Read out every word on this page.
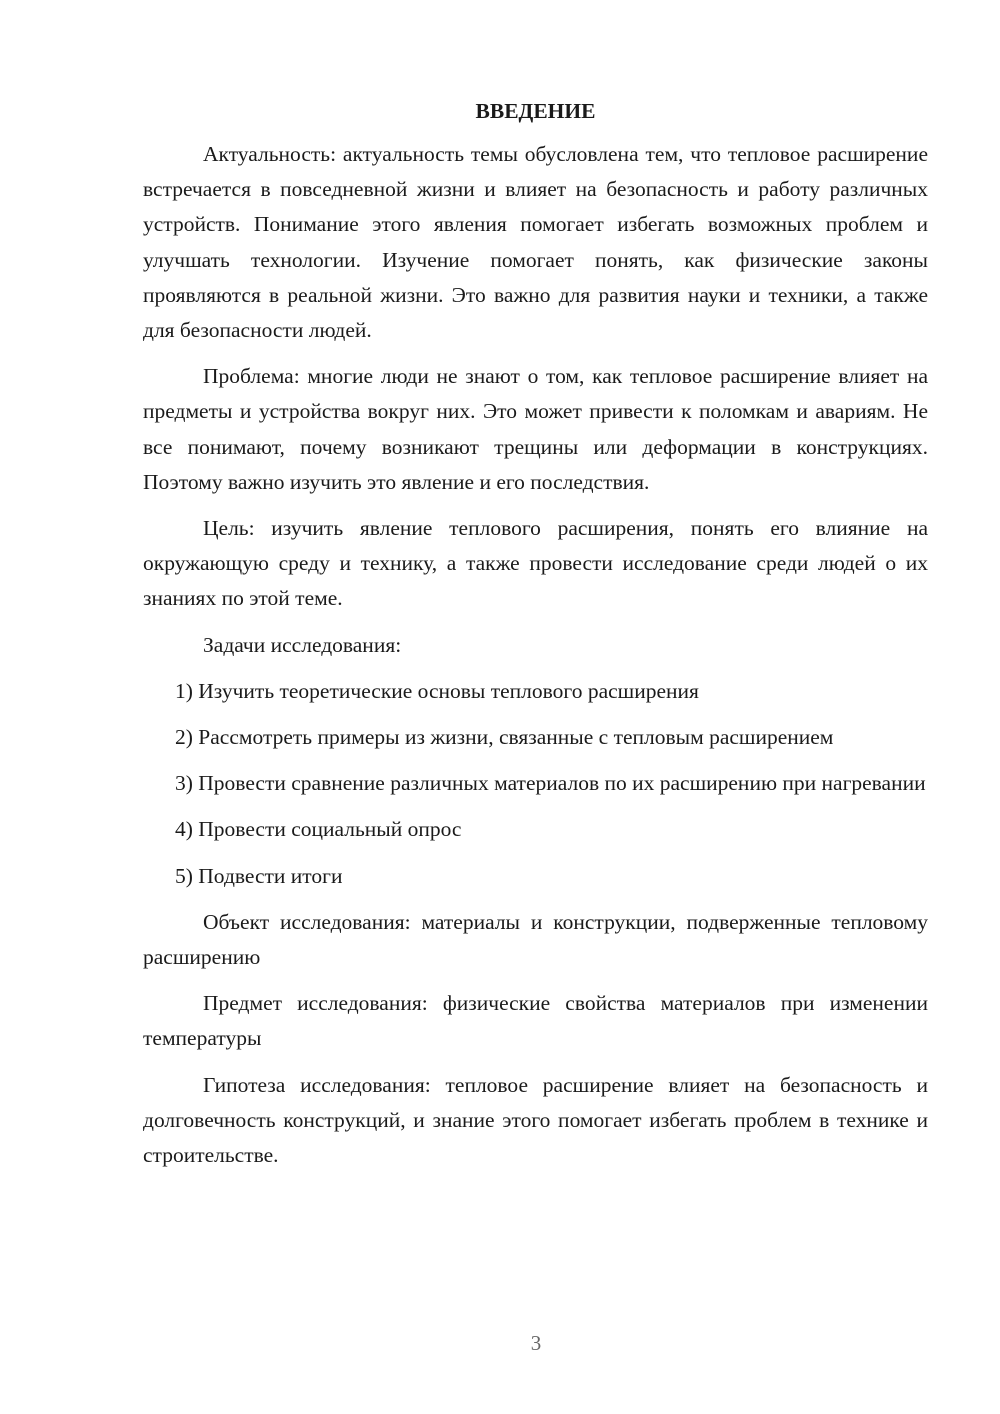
ВВЕДЕНИЕ

Актуальность: актуальность темы обусловлена тем, что тепловое расширение встречается в повседневной жизни и влияет на безопасность и работу различных устройств. Понимание этого явления помогает избегать возможных проблем и улучшать технологии. Изучение помогает понять, как физические законы проявляются в реальной жизни. Это важно для развития науки и техники, а также для безопасности людей.

Проблема: многие люди не знают о том, как тепловое расширение влияет на предметы и устройства вокруг них. Это может привести к поломкам и авариям. Не все понимают, почему возникают трещины или деформации в конструкциях. Поэтому важно изучить это явление и его последствия.

Цель: изучить явление теплового расширения, понять его влияние на окружающую среду и технику, а также провести исследование среди людей о их знаниях по этой теме.

Задачи исследования:

1) Изучить теоретические основы теплового расширения

2) Рассмотреть примеры из жизни, связанные с тепловым расширением

3) Провести сравнение различных материалов по их расширению при нагревании

4) Провести социальный опрос

5) Подвести итоги

Объект исследования: материалы и конструкции, подверженные тепловому расширению

Предмет исследования: физические свойства материалов при изменении температуры

Гипотеза исследования: тепловое расширение влияет на безопасность и долговечность конструкций, и знание этого помогает избегать проблем в технике и строительстве.

3
